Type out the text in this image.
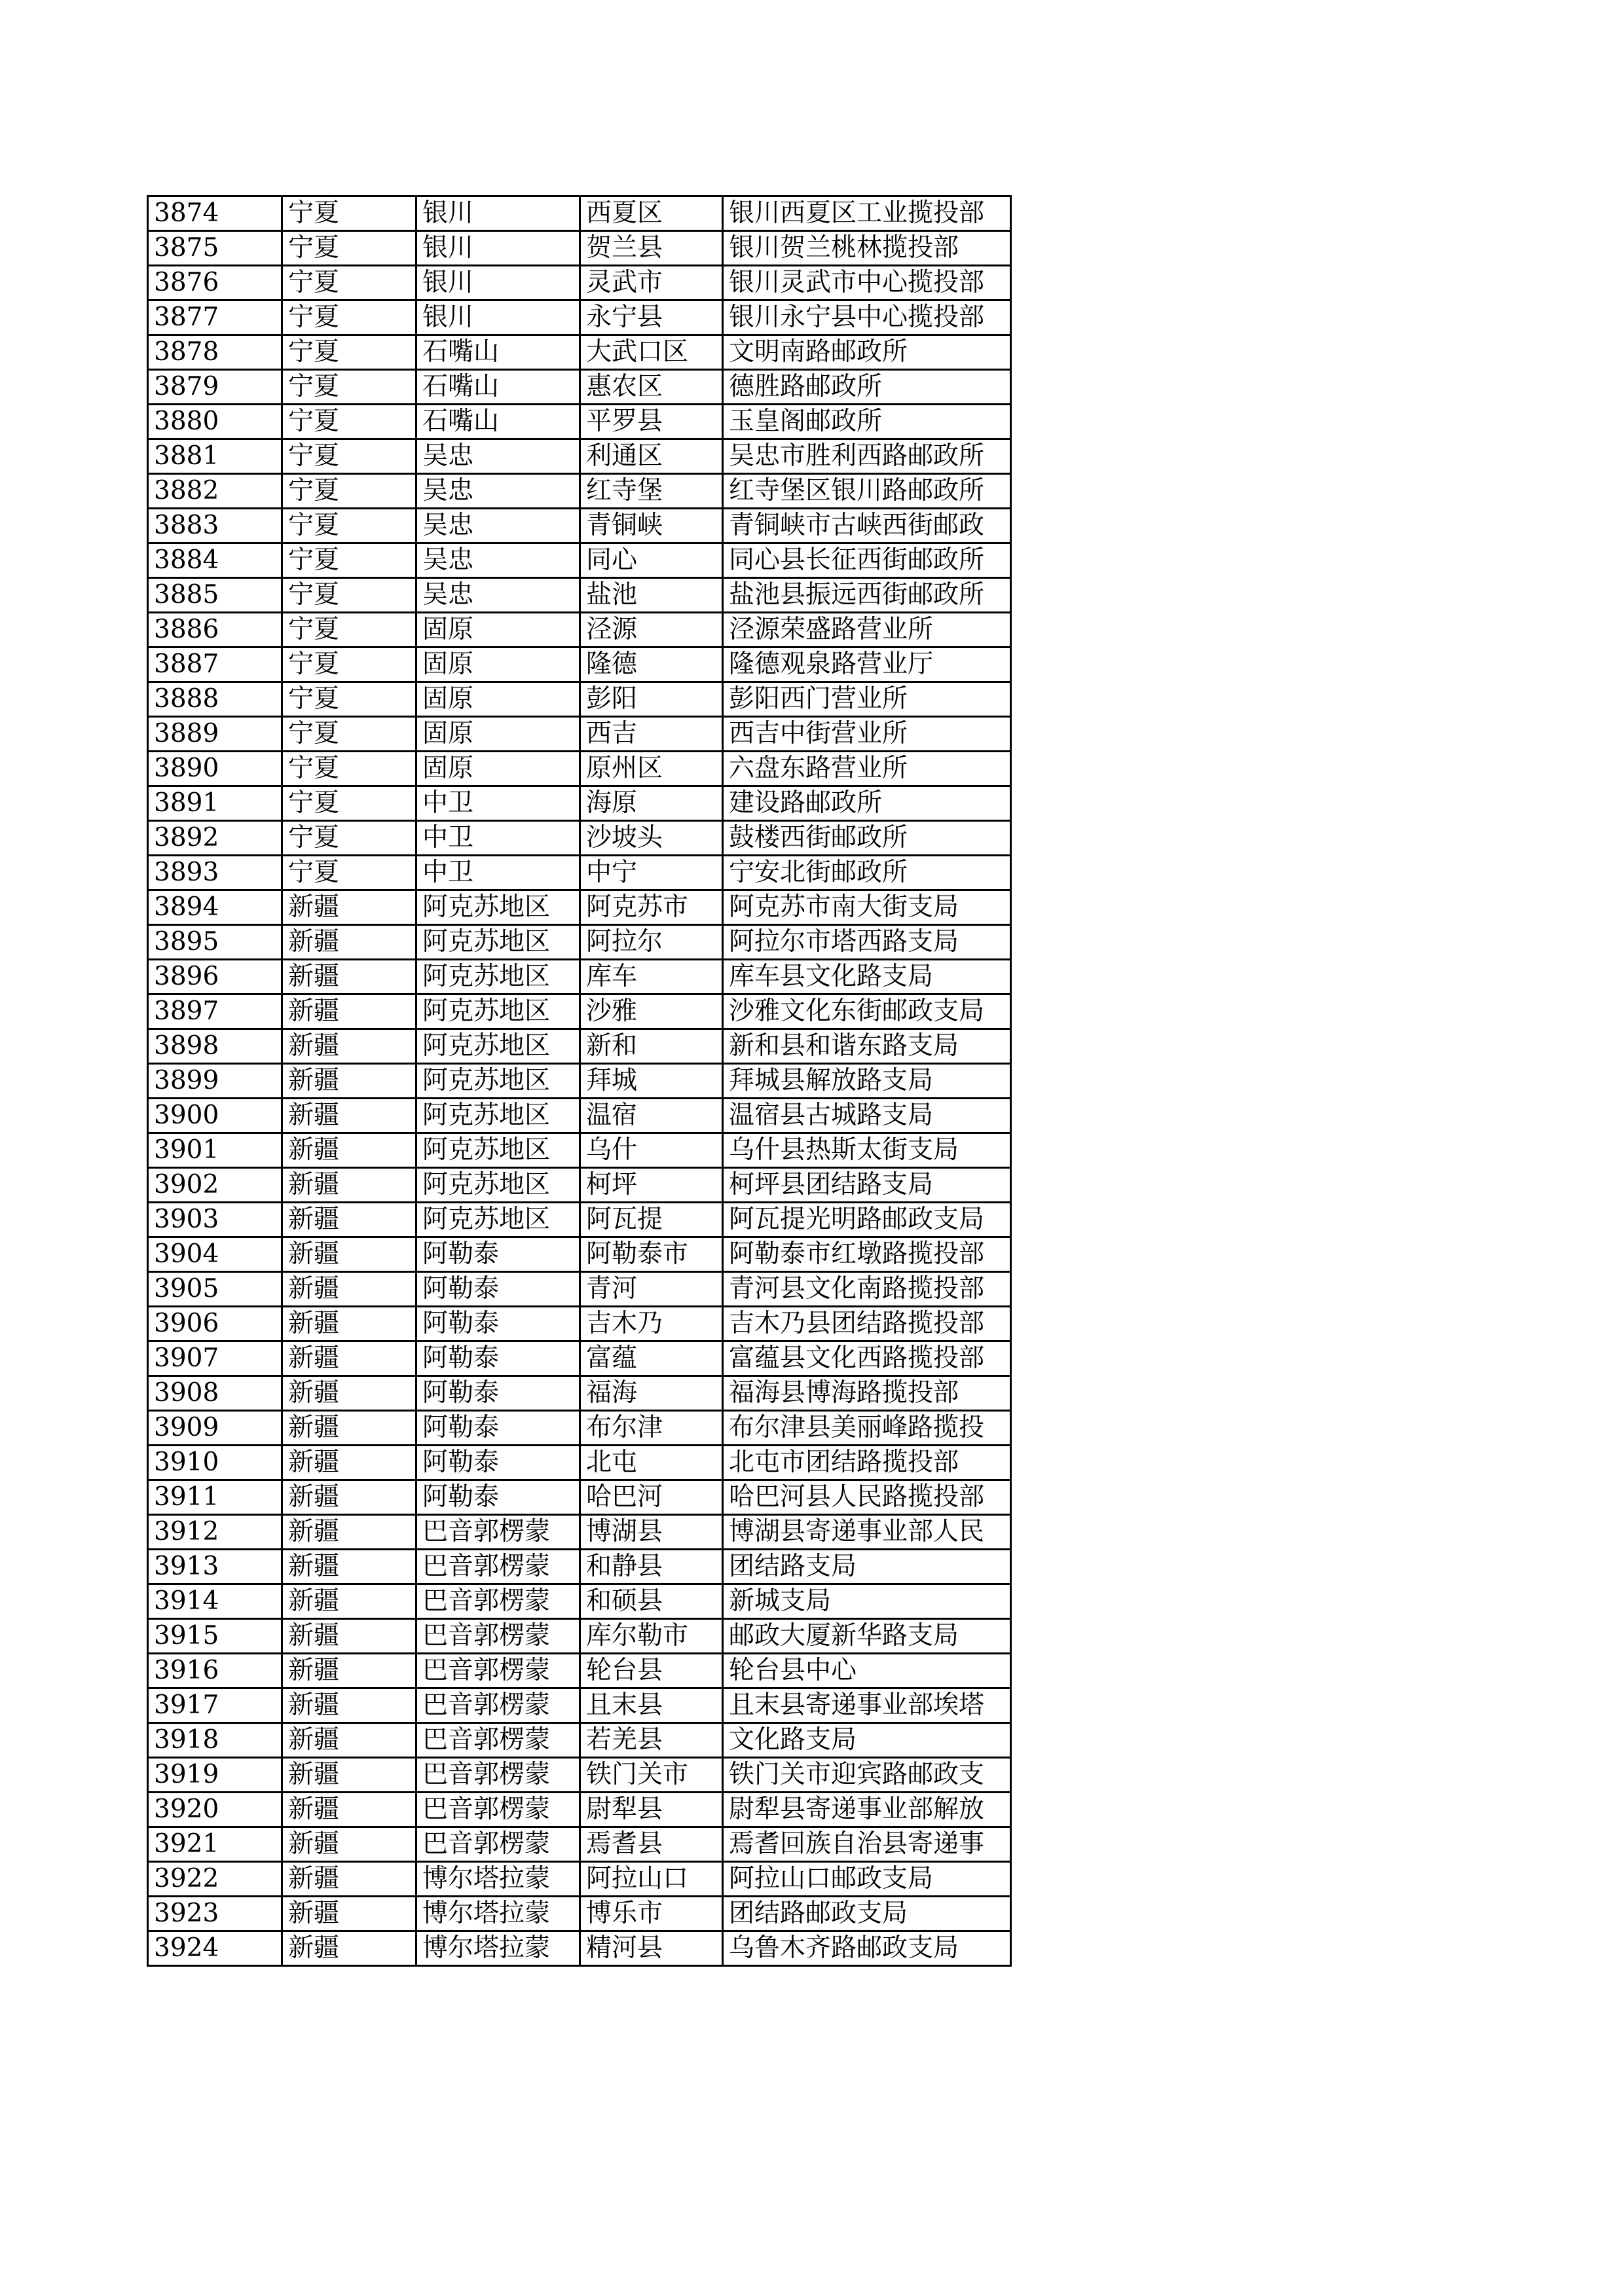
3874	宁夏	银川	西夏区	银川西夏区工业揽投部
3875	宁夏	银川	贺兰县	银川贺兰桃林揽投部
3876	宁夏	银川	灵武市	银川灵武市中心揽投部
3877	宁夏	银川	永宁县	银川永宁县中心揽投部
3878	宁夏	石嘴山	大武口区	文明南路邮政所
3879	宁夏	石嘴山	惠农区	德胜路邮政所
3880	宁夏	石嘴山	平罗县	玉皇阁邮政所
3881	宁夏	吴忠	利通区	吴忠市胜利西路邮政所
3882	宁夏	吴忠	红寺堡	红寺堡区银川路邮政所
3883	宁夏	吴忠	青铜峡	青铜峡市古峡西街邮政
3884	宁夏	吴忠	同心	同心县长征西街邮政所
3885	宁夏	吴忠	盐池	盐池县振远西街邮政所
3886	宁夏	固原	泾源	泾源荣盛路营业所
3887	宁夏	固原	隆德	隆德观泉路营业厅
3888	宁夏	固原	彭阳	彭阳西门营业所
3889	宁夏	固原	西吉	西吉中街营业所
3890	宁夏	固原	原州区	六盘东路营业所
3891	宁夏	中卫	海原	建设路邮政所
3892	宁夏	中卫	沙坡头	鼓楼西街邮政所
3893	宁夏	中卫	中宁	宁安北街邮政所
3894	新疆	阿克苏地区	阿克苏市	阿克苏市南大街支局
3895	新疆	阿克苏地区	阿拉尔	阿拉尔市塔西路支局
3896	新疆	阿克苏地区	库车	库车县文化路支局
3897	新疆	阿克苏地区	沙雅	沙雅文化东街邮政支局
3898	新疆	阿克苏地区	新和	新和县和谐东路支局
3899	新疆	阿克苏地区	拜城	拜城县解放路支局
3900	新疆	阿克苏地区	温宿	温宿县古城路支局
3901	新疆	阿克苏地区	乌什	乌什县热斯太街支局
3902	新疆	阿克苏地区	柯坪	柯坪县团结路支局
3903	新疆	阿克苏地区	阿瓦提	阿瓦提光明路邮政支局
3904	新疆	阿勒泰	阿勒泰市	阿勒泰市红墩路揽投部
3905	新疆	阿勒泰	青河	青河县文化南路揽投部
3906	新疆	阿勒泰	吉木乃	吉木乃县团结路揽投部
3907	新疆	阿勒泰	富蕴	富蕴县文化西路揽投部
3908	新疆	阿勒泰	福海	福海县博海路揽投部
3909	新疆	阿勒泰	布尔津	布尔津县美丽峰路揽投
3910	新疆	阿勒泰	北屯	北屯市团结路揽投部
3911	新疆	阿勒泰	哈巴河	哈巴河县人民路揽投部
3912	新疆	巴音郭楞蒙	博湖县	博湖县寄递事业部人民
3913	新疆	巴音郭楞蒙	和静县	团结路支局
3914	新疆	巴音郭楞蒙	和硕县	新城支局
3915	新疆	巴音郭楞蒙	库尔勒市	邮政大厦新华路支局
3916	新疆	巴音郭楞蒙	轮台县	轮台县中心
3917	新疆	巴音郭楞蒙	且末县	且末县寄递事业部埃塔
3918	新疆	巴音郭楞蒙	若羌县	文化路支局
3919	新疆	巴音郭楞蒙	铁门关市	铁门关市迎宾路邮政支
3920	新疆	巴音郭楞蒙	尉犁县	尉犁县寄递事业部解放
3921	新疆	巴音郭楞蒙	焉耆县	焉耆回族自治县寄递事
3922	新疆	博尔塔拉蒙	阿拉山口	阿拉山口邮政支局
3923	新疆	博尔塔拉蒙	博乐市	团结路邮政支局
3924	新疆	博尔塔拉蒙	精河县	乌鲁木齐路邮政支局
